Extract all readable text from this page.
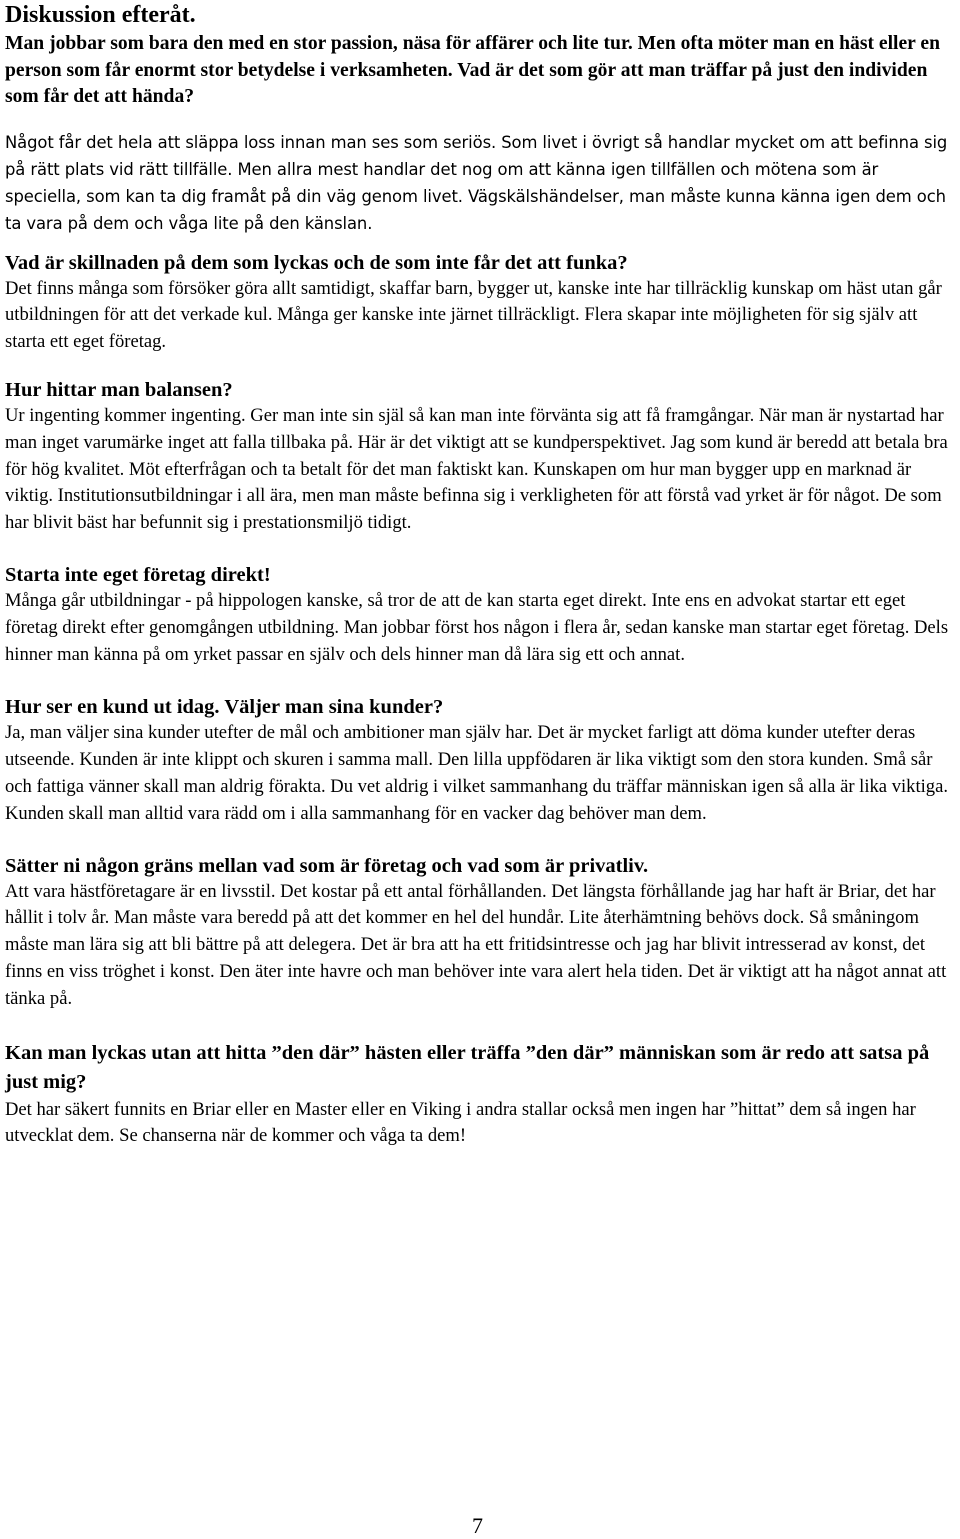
Diskussion efteråt.

Man jobbar som bara den med en stor passion, näsa för affärer och lite tur. Men ofta möter man en häst eller en person som får enormt stor betydelse i verksamheten. Vad är det som gör att man träffar på just den individen som får det att hända?

Något får det hela att släppa loss innan man ses som seriös. Som livet i övrigt så handlar mycket om att befinna sig på rätt plats vid rätt tillfälle. Men allra mest handlar det nog om att känna igen tillfällen och mötena som är speciella, som kan ta dig framåt på din väg genom livet. Vägskälshändelser, man måste kunna känna igen dem och ta vara på dem och våga lite på den känslan.

Vad är skillnaden på dem som lyckas och de som inte får det att funka?

Det finns många som försöker göra allt samtidigt, skaffar barn, bygger ut, kanske inte har tillräcklig kunskap om häst utan går utbildningen för att det verkade kul. Många ger kanske inte järnet tillräckligt. Flera skapar inte möjligheten för sig själv att starta ett eget företag.

Hur hittar man balansen?

Ur ingenting kommer ingenting. Ger man inte sin själ så kan man inte förvänta sig att få framgångar. När man är nystartad har man inget varumärke inget att falla tillbaka på. Här är det viktigt att se kundperspektivet. Jag som kund är beredd att betala bra för hög kvalitet. Möt efterfrågan och ta betalt för det man faktiskt kan. Kunskapen om hur man bygger upp en marknad är viktig. Institutionsutbildningar i all ära, men man måste befinna sig i verkligheten för att förstå vad yrket är för något. De som har blivit bäst har befunnit sig i prestationsmiljö tidigt.

Starta inte eget företag direkt!

Många går utbildningar - på hippologen kanske, så tror de att de kan starta eget direkt. Inte ens en advokat startar ett eget företag direkt efter genomgången utbildning. Man jobbar först hos någon i flera år, sedan kanske man startar eget företag. Dels hinner man känna på om yrket passar en själv och dels hinner man då lära sig ett och annat.

Hur ser en kund ut idag. Väljer man sina kunder?

Ja, man väljer sina kunder utefter de mål och ambitioner man själv har. Det är mycket farligt att döma kunder utefter deras utseende. Kunden är inte klippt och skuren i samma mall. Den lilla uppfödaren är lika viktigt som den stora kunden. Små sår och fattiga vänner skall man aldrig förakta. Du vet aldrig i vilket sammanhang du träffar människan igen så alla är lika viktiga. Kunden skall man alltid vara rädd om i alla sammanhang för en vacker dag behöver man dem.

Sätter ni någon gräns mellan vad som är företag och vad som är privatliv.

Att vara hästföretagare är en livsstil. Det kostar på ett antal förhållanden. Det längsta förhållande jag har haft är Briar, det har hållit i tolv år. Man måste vara beredd på att det kommer en hel del hundår. Lite återhämtning behövs dock. Så småningom måste man lära sig att bli bättre på att delegera. Det är bra att ha ett fritidsintresse och jag har blivit intresserad av konst, det finns en viss tröghet i konst. Den äter inte havre och man behöver inte vara alert hela tiden. Det är viktigt att ha något annat att tänka på.

Kan man lyckas utan att hitta ”den där” hästen eller träffa ”den där” människan som är redo att satsa på just mig?

Det har säkert funnits en Briar eller en Master eller en Viking i andra stallar också men ingen har ”hittat” dem så ingen har utvecklat dem. Se chanserna när de kommer och våga ta dem!

7
